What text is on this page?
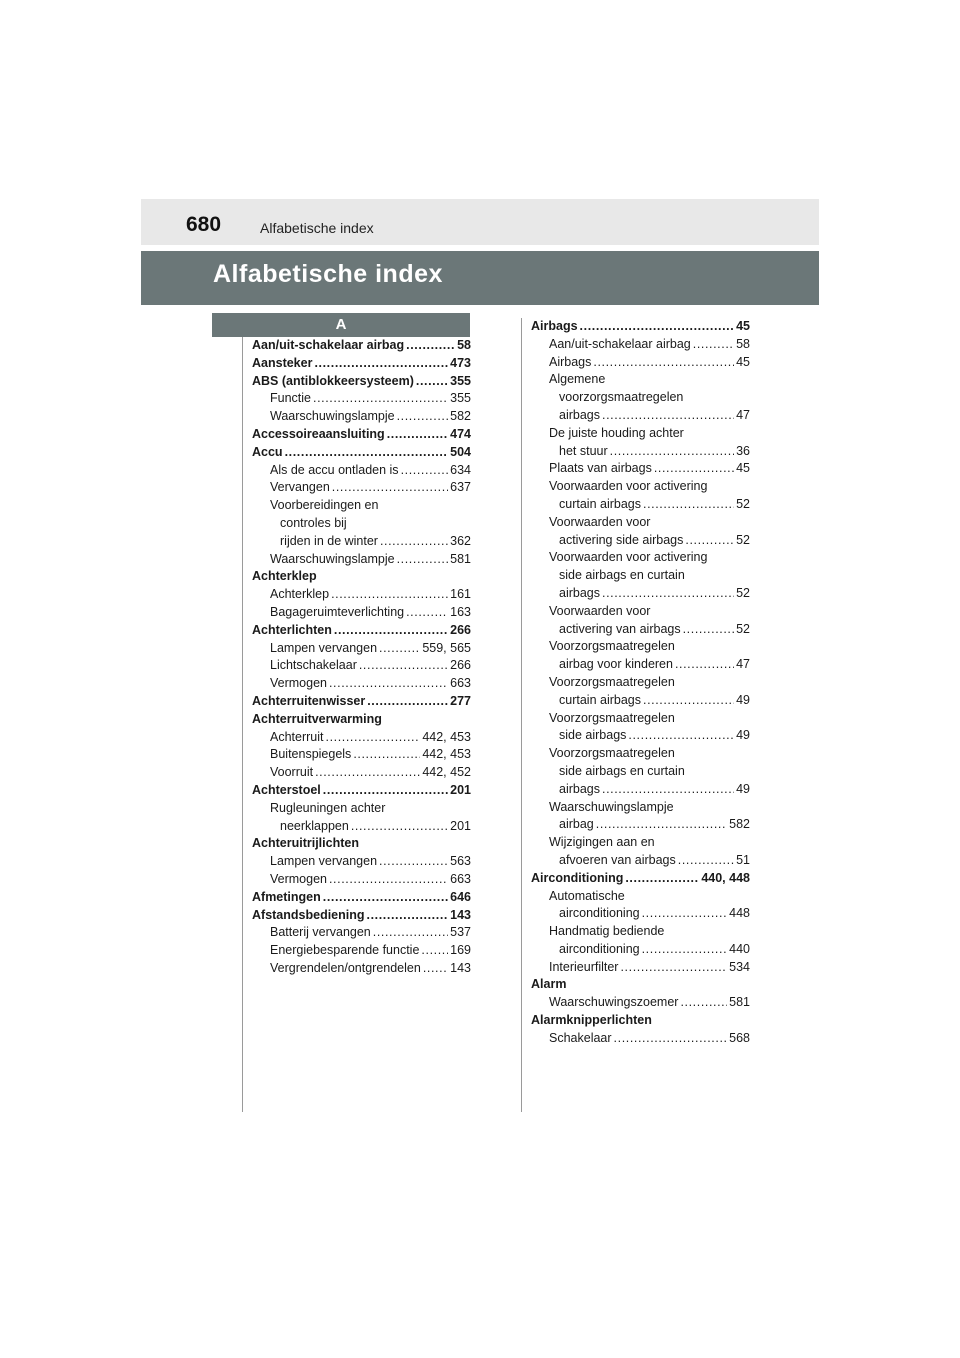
680	Alfabetische index
Alfabetische index
A
Aan/uit-schakelaar airbag .....	58
Aansteker .....	473
ABS (antiblokkeersysteem) .....	355
Functie .....	355
Waarschuwingslampje .....	582
Accessoireaansluiting .....	474
Accu .....	504
Als de accu ontladen is .....	634
Vervangen .....	637
Voorbereidingen en
controles bij
rijden in de winter .....	362
Waarschuwingslampje .....	581
Achterklep
Achterklep .....	161
Bagageruimteverlichting .....	163
Achterlichten .....	266
Lampen vervangen .....	559, 565
Lichtschakelaar .....	266
Vermogen .....	663
Achterruitenwisser .....	277
Achterruitverwarming
Achterruit .....	442, 453
Buitenspiegels .....	442, 453
Voorruit .....	442, 452
Achterstoel .....	201
Rugleuningen achter
neerklappen .....	201
Achteruitrijlichten
Lampen vervangen .....	563
Vermogen .....	663
Afmetingen .....	646
Afstandsbediening .....	143
Batterij vervangen .....	537
Energiebesparende functie ..... 169
Vergrendelen/ontgrendelen ..... 143
Airbags .....	45
Aan/uit-schakelaar airbag .....	58
Airbags .....	45
Algemene
voorzorgsmaatregelen
airbags .....	47
De juiste houding achter
het stuur .....	36
Plaats van airbags .....	45
Voorwaarden voor activering
curtain airbags .....	52
Voorwaarden voor
activering side airbags .....	52
Voorwaarden voor activering
side airbags en curtain
airbags .....	52
Voorwaarden voor
activering van airbags .....	52
Voorzorgsmaatregelen
airbag voor kinderen .....	47
Voorzorgsmaatregelen
curtain airbags .....	49
Voorzorgsmaatregelen
side airbags .....	49
Voorzorgsmaatregelen
side airbags en curtain
airbags .....	49
Waarschuwingslampje
airbag .....	582
Wijzigingen aan en
afvoeren van airbags .....	51
Airconditioning .....	440, 448
Automatische
airconditioning .....	448
Handmatig bediende
airconditioning .....	440
Interieurfilter .....	534
Alarm
Waarschuwingszoemer .....	581
Alarmknipperlichten
Schakelaar .....	568
